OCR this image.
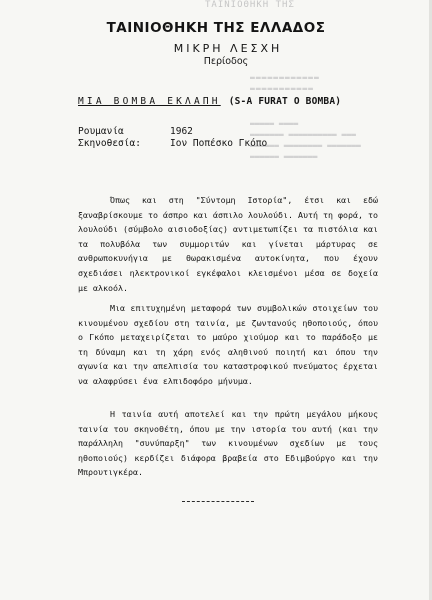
ΤΑΙΝΙΟΘΗΚΗ ΤΗΣ
▬▬▬▬▬▬▬▬▬▬▬▬
▬▬▬▬▬▬▬▬▬▬▬
▬▬▬▬▬ ▬▬▬▬
▬▬▬▬▬▬▬ ▬▬▬▬▬▬▬▬▬▬ ▬▬▬
▬▬▬▬▬▬ ▬▬▬▬▬▬▬▬ ▬▬▬▬▬▬▬
▬▬▬▬▬▬ ▬▬▬▬▬▬▬
ΤΑΙΝΙΟΘΗΚΗ ΤΗΣ ΕΛΛΑΔΟΣ
ΜΙΚΡΗ ΛΕΣΧΗ
Περίοδος
ΜΙΑ ΒΟΜΒΑ ΕΚΛΑΠΗ (S-A FURAT O BOMBA)
Ρουμανία	1962
Σκηνοθεσία:	Ιον Ποπέσκο Γκόπο

Όπως και στη "Σύντομη Ιστορία", έτσι και εδώ ξαναβρίσκουμε το άσπρο και άσπιλο λουλούδι. Αυτή τη φορά, το λουλούδι (σύμβολο αισιοδοξίας) αντιμετωπίζει τα πιστόλια και τα πολυβόλα των συμμοριτών και γίνεται μάρτυρας σε ανθρωποκυνήγια με θωρακισμένα αυτοκίνητα, που έχουν σχεδιάσει ηλεκτρονικοί εγκέφαλοι κλεισμένοι μέσα σε δοχεία με αλκοόλ.

Μια επιτυχημένη μεταφορά των συμβολικών στοιχείων του κινουμένου σχεδίου στη ταινία, με ζωντανούς ηθοποιούς, όπου ο Γκόπο μεταχειρίζεται το μαύρο χιούμορ και το παράδοξο με τη δύναμη και τη χάρη ενός αληθινού ποιητή και όπου την αγωνία και την απελπισία του καταστροφικού πνεύματος έρχεται να αλαφρύσει ένα ελπιδοφόρο μήνυμα.

Η ταινία αυτή αποτελεί και την πρώτη μεγάλου μήκους ταινία του σκηνοθέτη, όπου με την ιστορία του αυτή (και την παράλληλη "συνύπαρξη" των κινουμένων σχεδίων με τους ηθοποιούς) κερδίζει διάφορα βραβεία στο Εδιμβούργο και την Μπρουτιγκέρα.
